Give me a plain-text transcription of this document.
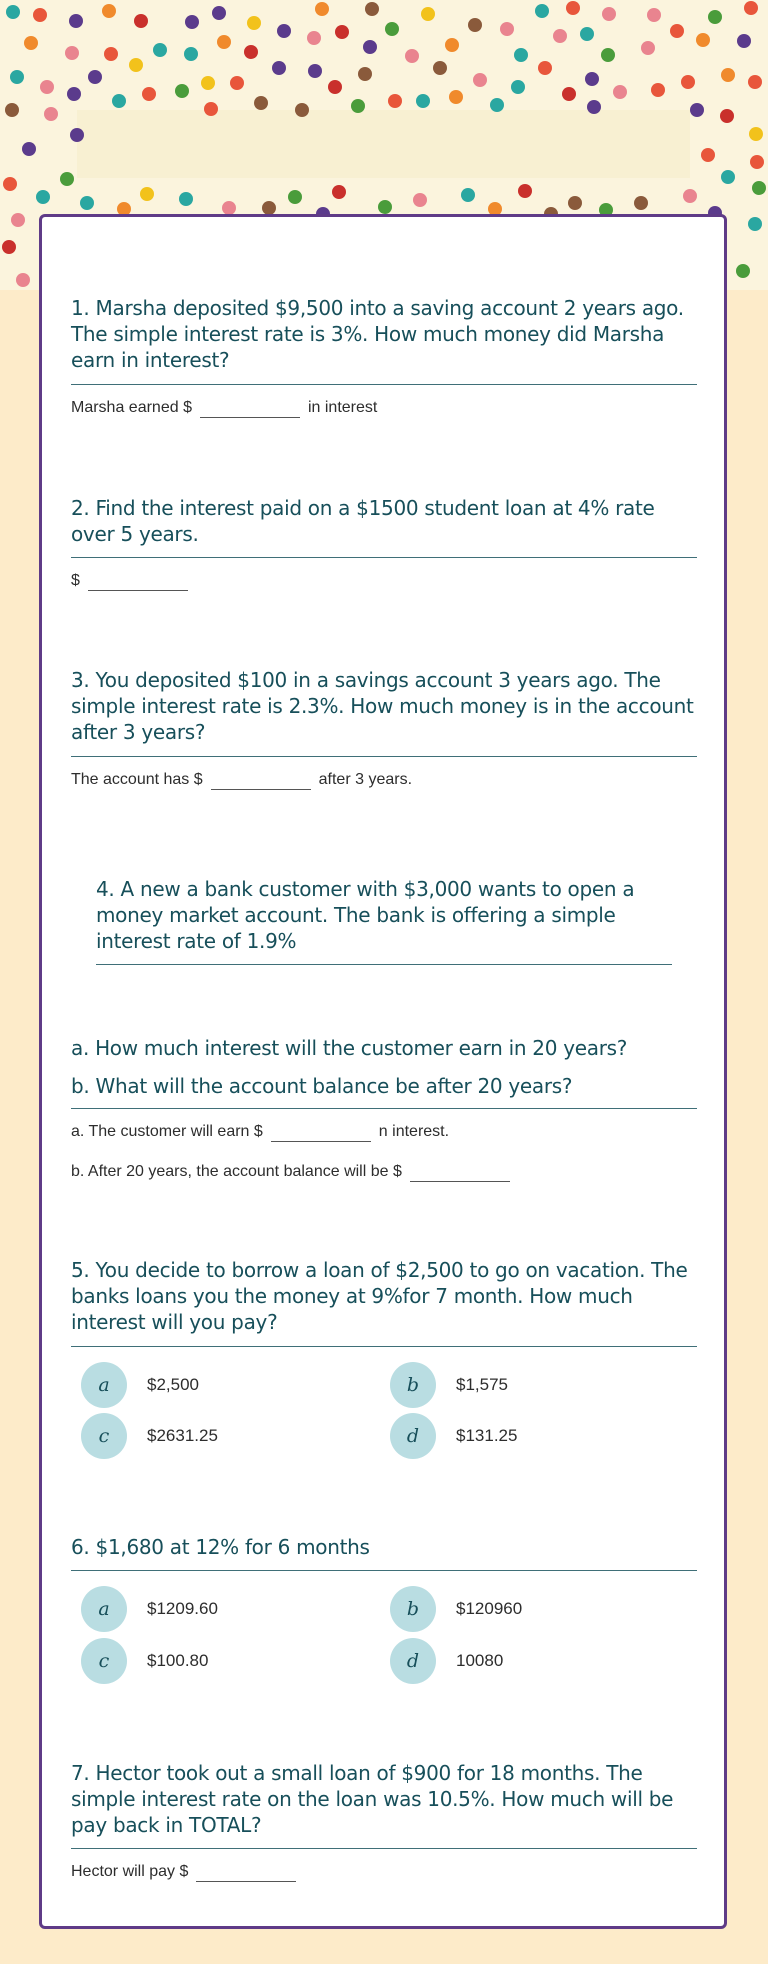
1. Marsha deposited $9,500 into a saving account 2 years ago. The simple interest rate is 3%. How much money did Marsha earn in interest?

Marsha earned $	in interest

2. Find the interest paid on a $1500 student loan at 4% rate over 5 years.

$

3. You deposited $100 in a savings account 3 years ago. The simple interest rate is 2.3%. How much money is in the account after 3 years?

The account has $	after 3 years.

4. A new a bank customer with $3,000 wants to open a money market account. The bank is offering a simple interest rate of 1.9%

a. How much interest will the customer earn in 20 years?

b. What will the account balance be after 20 years?

a. The customer will earn $	n interest.
b. After 20 years, the account balance will be $

5. You decide to borrow a loan of $2,500 to go on vacation. The banks loans you the money at 9%for 7 month. How much interest will you pay?

a	$2,500	b	$1,575
c	$2631.25	d	$131.25

6. $1,680 at 12% for 6 months

a	$1209.60	b	$120960
c	$100.80	d	10080

7. Hector took out a small loan of $900 for 18 months. The simple interest rate on the loan was 10.5%. How much will be pay back in TOTAL?

Hector will pay $
